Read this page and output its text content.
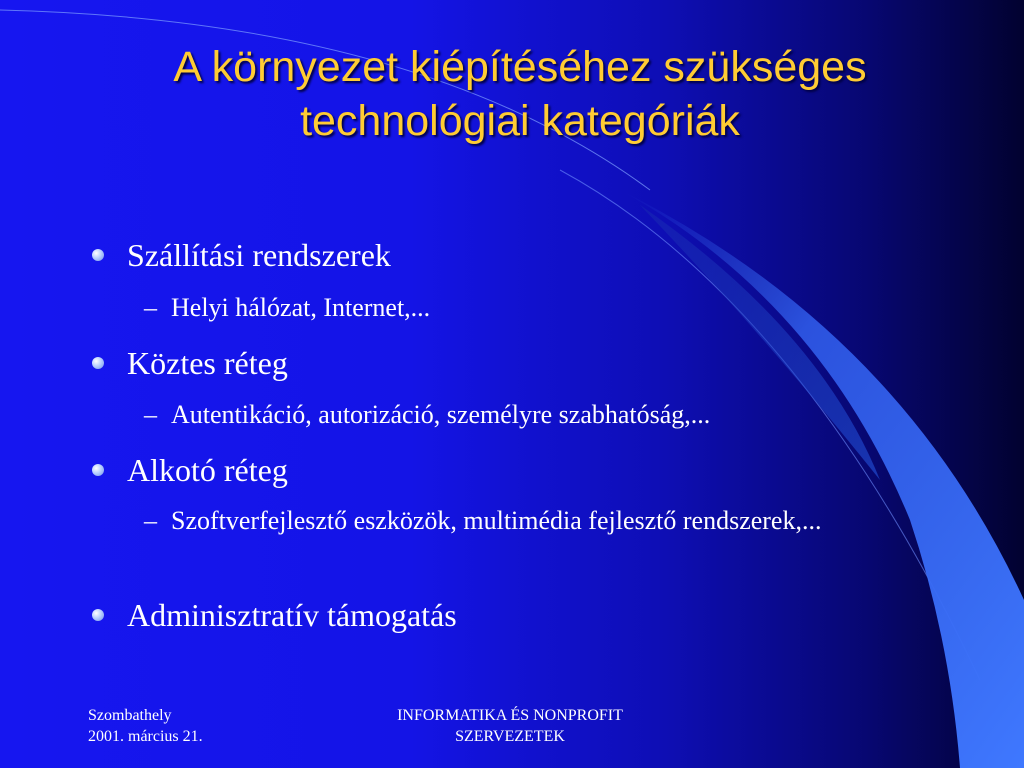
A környezet kiépítéséhez szükséges technológiai kategóriák
Szállítási rendszerek
– Helyi hálózat, Internet,...
Köztes réteg
– Autentikáció, autorizáció, személyre szabhatóság,...
Alkotó réteg
– Szoftverfejlesztő eszközök, multimédia fejlesztő rendszerek,...
Adminisztratív támogatás
Szombathely
2001. március 21.
INFORMATIKA ÉS NONPROFIT
SZERVEZETEK
